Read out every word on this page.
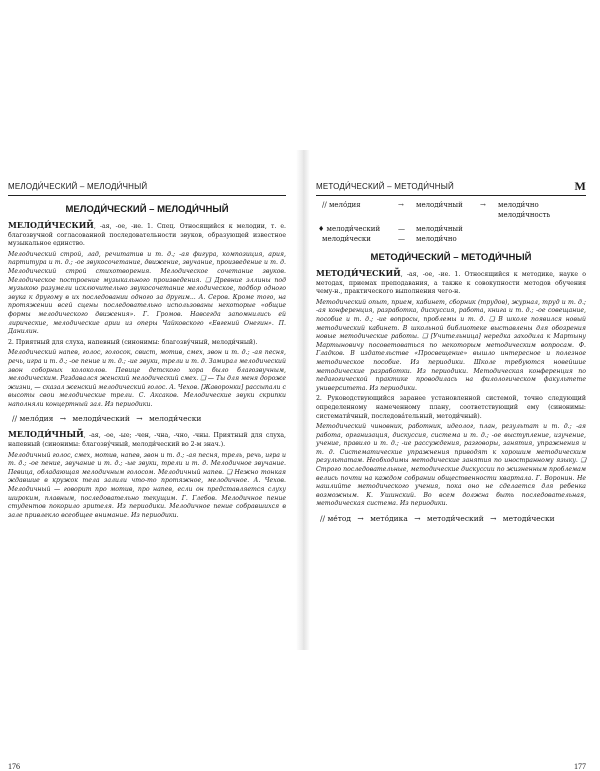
МЕЛОДИ́ЧЕСКИЙ – МЕЛОДИ́ЧНЫЙ
МЕЛОДИ́ЧЕСКИЙ – МЕЛОДИ́ЧНЫЙ

МЕЛОДИ́ЧЕСКИЙ, -ая, -ое, -ие. 1. Спец. Относящийся к мелодии, т. е. благозвучной согласованной последовательности звуков, образующей известное музыкальное единство.

Мелодический строй, лад, речитатив и т. д.; -ая фигура, композиция, ария, партитура и т. д.; -ое звукосочетание, движение, звучание, произведение и т. д. Мелодический строй стихотворения. Мелодическое сочетание звуков. Мелодическое построение музыкального произведения. ❑ Древние эллины под музыкою разумели исключительно звукосочетание мелодическое, подбор одного звука к другому в их последовании одного за другим... А. Серов. Кроме того, на протяжении всей сцены последовательно использованы некоторые «общие формы мелодического движения». Г. Громов. Навсегда запомнились ей лирические, мелодические арии из оперы Чайковского «Евгений Онегин». П. Данилин.

2. Приятный для слуха, напевный (синонимы: благозву́чный, мелоди́чный).

Мелодический напев, голос, голосок, свист, мотив, смех, звон и т. д.; -ая песня, речь, игра и т. д.; -ое пение и т. д.; -ие звуки, трели и т. д. Замирал мелодический звон соборных колоколов. Певице детского хора было благозвучным, мелодическим. Раздавался женский мелодический смех. ❑ — Ты для меня дороже жизни, — сказал женский мелодический голос. А. Чехов. [Жаворонки] рассыпали с высоты свои мелодические трели. С. Аксаков. Мелодические звуки скрипки наполняли концертный зал. Из периодики.

// мело́дия → мелоди́ческий → мелоди́чески

МЕЛОДИ́ЧНЫЙ, -ая, -ое, -ые; -чен, -чна, -чно, -чны. Приятный для слуха, напевный (синонимы: благозву́чный, мелоди́ческий во 2-м знач.).

Мелодичный голос, смех, мотив, напев, звон и т. д.; -ая песня, трель, речь, игра и т. д.; -ое пение, звучание и т. д.; -ые звуки, трели и т. д. Мелодичное звучание. Певица, обладающая мелодичным голосом. Мелодичный напев. ❑ Нежно тонкая ждавшие в кружок тела залили что-то протяжное, мелодичное. А. Чехов. Мелодичный — говорит про мотив, про напев, если он представляется слуху широким, плавным, последовательно текущим. Г. Глебов. Мелодичное пение студентов покорило зрителя. Из периодики. Мелодичное пение собравшихся в зале привлекло всеобщее внимание. Из периодики.

176
МЕТОДИ́ЧЕСКИЙ – МЕТОДИ́ЧНЫЙ	М
// мело́дия	→ мелоди́чный → мелоди́чно
мелоди́чность
♦ мелоди́ческий	— мелоди́чный
мелоди́чески	— мелоди́чно
МЕТОДИ́ЧЕСКИЙ – МЕТОДИ́ЧНЫЙ

МЕТОДИ́ЧЕСКИЙ, -ая, -ое, -ие. 1. Относящийся к методике, науке о методах, приемах преподавания, а также к совокупности методов обучения чему-н., практического выполнения чего-н.

Методический опыт, прием, кабинет, сборник (трудов), журнал, труд и т. д.; -ая конференция, разработка, дискуссия, работа, книга и т. д.; -ое совещание, пособие и т. д.; -ие вопросы, проблемы и т. д. ❑ В школе появился новый методический кабинет. В школьной библиотеке выставлены для обозрения новые методические работы. ❑ [Учительница] нередка заходила к Мартыну Мартыновичу посоветоваться по некоторым методическим вопросам. Ф. Гладков. В издательстве «Просвещение» вышло интересное и полезное методическое пособие. Из периодики. Школе требуются новейшие методические разработки. Из периодики. Методическая конференция по педагогической практике проводилась на филологическом факультете университета. Из периодики.

2. Руководствующийся заранее установленной системой, точно следующий определенному намеченному плану, соответствующий ему (синонимы: системати́чный, последова́тельный, методи́чный).

Методический чиновник, работник, идеолог, план, результат и т. д.; -ая работа, организация, дискуссия, система и т. д.; -ое выступление, изучение, учение, правило и т. д.; -ие рассуждения, разговоры, занятия, упражнения и т. д. Систематические упражнения приводят к хорошим методическим результатам. Необходимы методические занятия по иностранному языку. ❑ Строго последовательные, методические дискуссии по жизненным проблемам велись почти на каждом собрании общественности квартала. Г. Воронин. Не нашлийте методического учения, пока оно не сделается для ребенка возможным. К. Ушинский. Во всем должна быть последовательная, методическая система. Из периодики.

// ме́тод → мето́дика → методи́ческий → методи́чески
177
